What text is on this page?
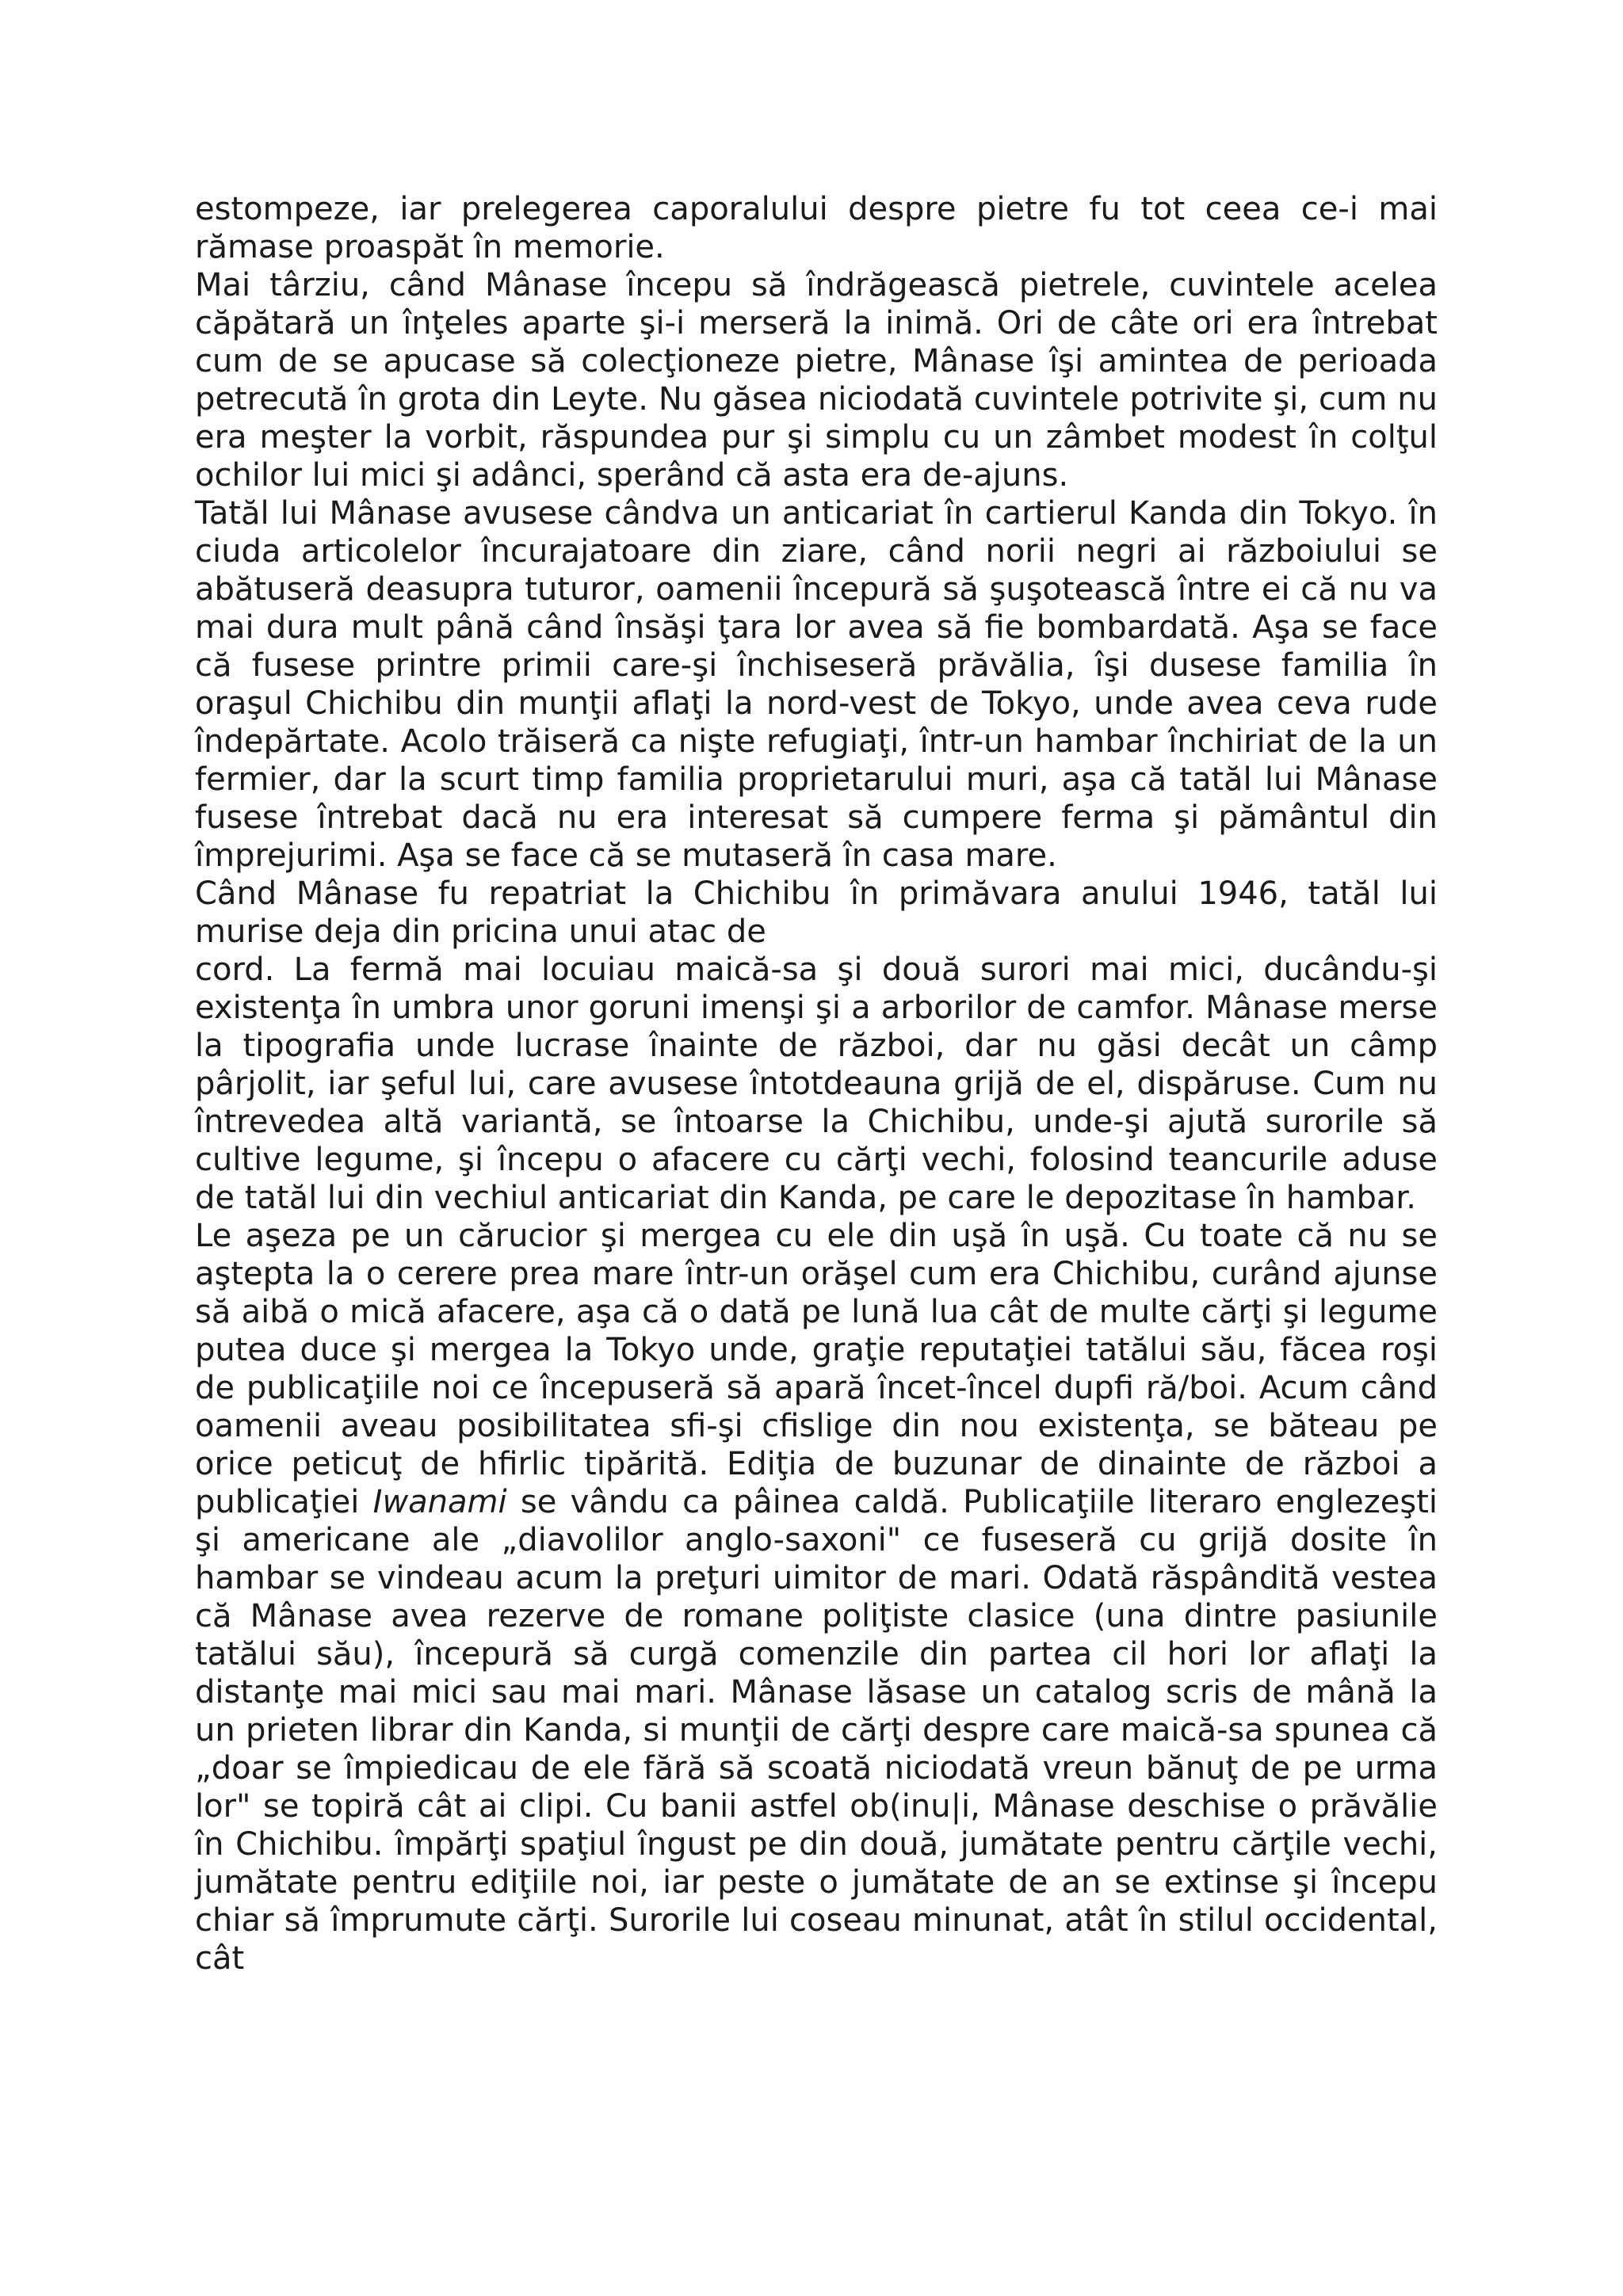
estompeze, iar prelegerea caporalului despre pietre fu tot ceea ce-i mai rămase proaspăt în memorie.

Mai târziu, când Mânase începu să îndrăgească pietrele, cuvintele acelea căpătară un înţeles aparte şi-i merseră la inimă. Ori de câte ori era întrebat cum de se apucase să colecţioneze pietre, Mânase îşi amintea de perioada petrecută în grota din Leyte. Nu găsea niciodată cuvintele potrivite şi, cum nu era meşter la vorbit, răspundea pur şi simplu cu un zâmbet modest în colţul ochilor lui mici şi adânci, sperând că asta era de-ajuns.

Tatăl lui Mânase avusese cândva un anticariat în cartierul Kanda din Tokyo. în ciuda articolelor încurajatoare din ziare, când norii negri ai războiului se abătuseră deasupra tuturor, oamenii începură să şuşotească între ei că nu va mai dura mult până când însăşi ţara lor avea să fie bombardată. Aşa se face că fusese printre primii care-şi închiseseră prăvălia, îşi dusese familia în oraşul Chichibu din munţii aflaţi la nord-vest de Tokyo, unde avea ceva rude îndepărtate. Acolo trăiseră ca nişte refugiaţi, într-un hambar închiriat de la un fermier, dar la scurt timp familia proprietarului muri, aşa că tatăl lui Mânase fusese întrebat dacă nu era interesat să cumpere ferma şi pământul din împrejurimi. Aşa se face că se mutaseră în casa mare.

Când Mânase fu repatriat la Chichibu în primăvara anului 1946, tatăl lui murise deja din pricina unui atac de
cord. La fermă mai locuiau maică-sa şi două surori mai mici, ducându-şi existenţa în umbra unor goruni imenşi şi a arborilor de camfor. Mânase merse la tipografia unde lucrase înainte de război, dar nu găsi decât un câmp pârjolit, iar şeful lui, care avusese întotdeauna grijă de el, dispăruse. Cum nu întrevedea altă variantă, se întoarse la Chichibu, unde-şi ajută surorile să cultive legume, şi începu o afacere cu cărţi vechi, folosind teancurile aduse de tatăl lui din vechiul anticariat din Kanda, pe care le depozitase în hambar.

Le aşeza pe un cărucior şi mergea cu ele din uşă în uşă. Cu toate că nu se aştepta la o cerere prea mare într-un orăşel cum era Chichibu, curând ajunse să aibă o mică afacere, aşa că o dată pe lună lua cât de multe cărţi şi legume putea duce şi mergea la Tokyo unde, graţie reputaţiei tatălui său, făcea roşi de publicaţiile noi ce începuseră să apară încet-încel dupfi ră/boi. Acum când oamenii aveau posibilitatea sfi-şi cfislige din nou existenţa, se băteau pe orice peticuţ de hfirlic tipărită. Ediţia de buzunar de dinainte de război a publicaţiei Iwanami se vându ca pâinea caldă. Publicaţiile literaro englezeşti şi americane ale „diavolilor anglo-saxoni" ce fuseseră cu grijă dosite în hambar se vindeau acum la preţuri uimitor de mari. Odată răspândită vestea că Mânase avea rezerve de romane poliţiste clasice (una dintre pasiunile tatălui său), începură să curgă comenzile din partea cil hori lor aflaţi la distanţe mai mici sau mai mari. Mânase lăsase un catalog scris de mână la un prieten librar din Kanda, si munţii de cărţi despre care maică-sa spunea că „doar se împiedicau de ele fără să scoată niciodată vreun bănuţ de pe urma lor" se topiră cât ai clipi. Cu banii astfel ob(inu|i, Mânase deschise o prăvălie în Chichibu. împărţi spaţiul îngust pe din două, jumătate pentru cărţile vechi, jumătate pentru ediţiile noi, iar peste o jumătate de an se extinse şi începu chiar să împrumute cărţi. Surorile lui coseau minunat, atât în stilul occidental, cât
